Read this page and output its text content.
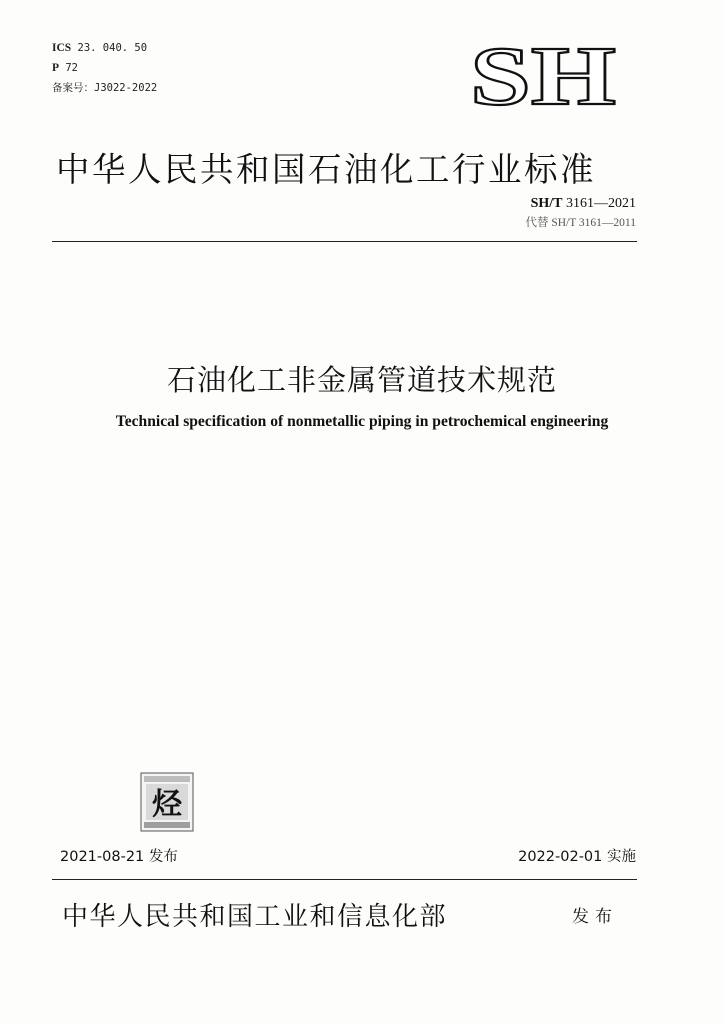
ICS 23. 040. 50
P 72
备案号：J3022-2022	SH
中华人民共和国石油化工行业标准
SH/T 3161—2021
代替 SH/T 3161—2011
石油化工非金属管道技术规范
Technical specification of nonmetallic piping in petrochemical engineering
烃
2021-08-21 发布	2022-02-01 实施
中华人民共和国工业和信息化部	发布
